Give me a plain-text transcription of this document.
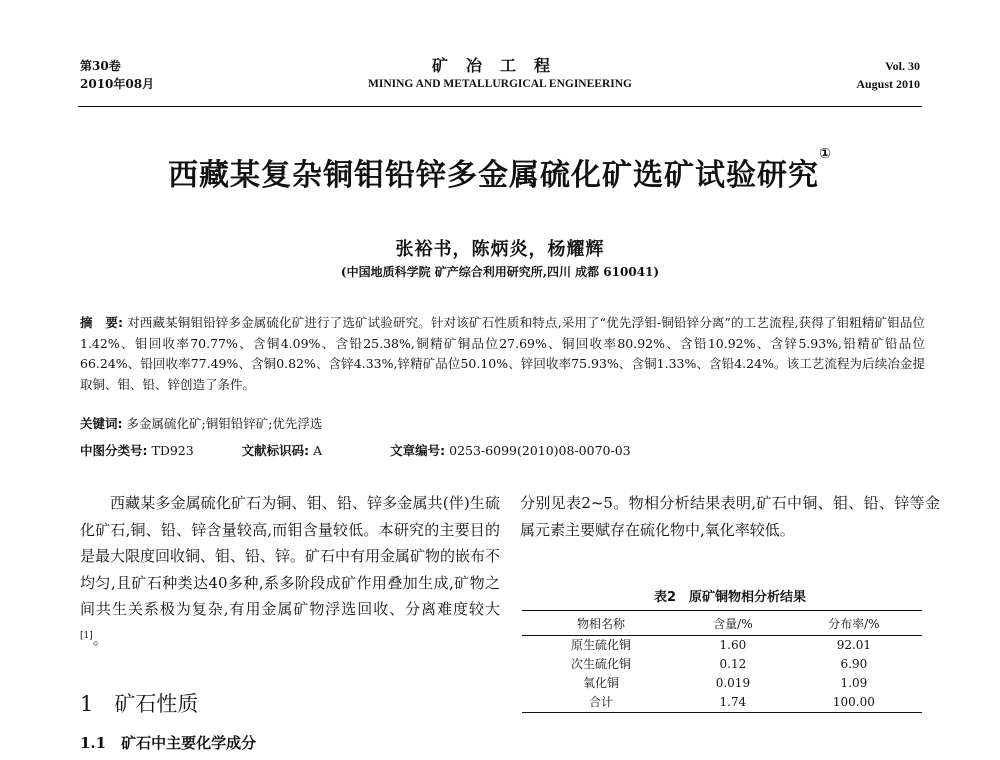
第30卷
2010年08月
矿冶工程
MINING AND METALLURGICAL ENGINEERING
Vol. 30
August 2010
西藏某复杂铜钼铅锌多金属硫化矿选矿试验研究①
张裕书，陈炳炎，杨耀辉
(中国地质科学院 矿产综合利用研究所,四川 成都 610041)
摘　要: 对西藏某铜钼铅锌多金属硫化矿进行了选矿试验研究。针对该矿石性质和特点,采用了“优先浮钼-铜铅锌分离”的工艺流程,获得了钼粗精矿钼品位1.42%、钼回收率70.77%、含铜4.09%、含铅25.38%,铜精矿铜品位27.69%、铜回收率80.92%、含铅10.92%、含锌5.93%,铅精矿铅品位66.24%、铅回收率77.49%、含铜0.82%、含锌4.33%,锌精矿品位50.10%、锌回收率75.93%、含铜1.33%、含铅4.24%。该工艺流程为后续冶金提取铜、钼、铅、锌创造了条件。
关键词: 多金属硫化矿;铜钼铅锌矿;优先浮选
中图分类号: TD923	文献标识码: A	文章编号: 0253-6099(2010)08-0070-03
西藏某多金属硫化矿石为铜、钼、铅、锌多金属共(伴)生硫化矿石,铜、铅、锌含量较高,而钼含量较低。本研究的主要目的是最大限度回收铜、钼、铅、锌。矿石中有用金属矿物的嵌布不均匀,且矿石种类达40多种,系多阶段成矿作用叠加生成,矿物之间共生关系极为复杂,有用金属矿物浮选回收、分离难度较大[1]。
1　矿石性质
1.1　矿石中主要化学成分
分别见表2~5。物相分析结果表明,矿石中铜、钼、铅、锌等金属元素主要赋存在硫化物中,氧化率较低。
表2　原矿铜物相分析结果
物相名称	含量/%	分布率/%
原生硫化铜	1.60	92.01
次生硫化铜	0.12	6.90
氧化铜	0.019	1.09
合计	1.74	100.00
